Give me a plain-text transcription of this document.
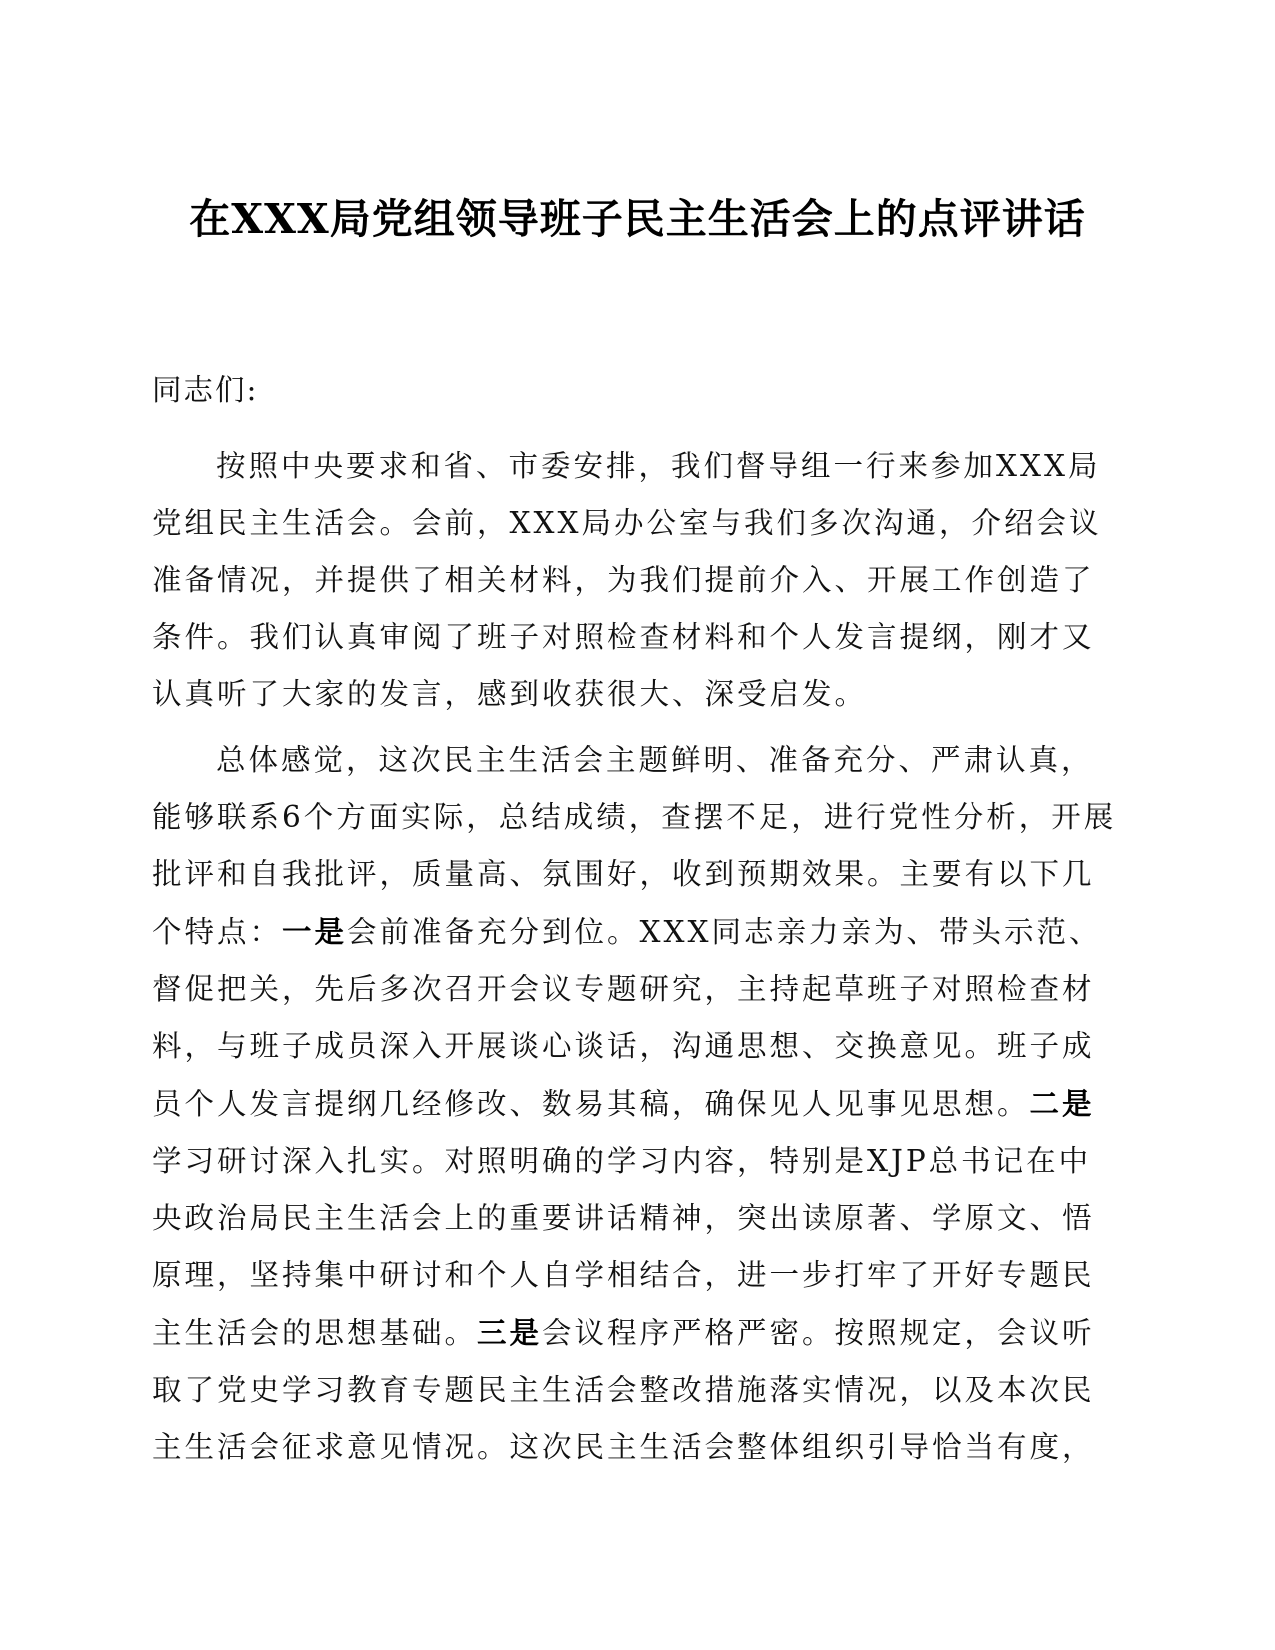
在XXX局党组领导班子民主生活会上的点评讲话

同志们:

按照中央要求和省、市委安排，我们督导组一行来参加XXX局党组民主生活会。会前，XXX局办公室与我们多次沟通，介绍会议准备情况，并提供了相关材料，为我们提前介入、开展工作创造了条件。我们认真审阅了班子对照检查材料和个人发言提纲，刚才又认真听了大家的发言，感到收获很大、深受启发。

总体感觉，这次民主生活会主题鲜明、准备充分、严肃认真，能够联系6个方面实际，总结成绩，查摆不足，进行党性分析，开展批评和自我批评，质量高、氛围好，收到预期效果。主要有以下几个特点：一是会前准备充分到位。XXX同志亲力亲为、带头示范、督促把关，先后多次召开会议专题研究，主持起草班子对照检查材料，与班子成员深入开展谈心谈话，沟通思想、交换意见。班子成员个人发言提纲几经修改、数易其稿，确保见人见事见思想。二是学习研讨深入扎实。对照明确的学习内容，特别是XJP总书记在中央政治局民主生活会上的重要讲话精神，突出读原著、学原文、悟原理，坚持集中研讨和个人自学相结合，进一步打牢了开好专题民主生活会的思想基础。三是会议程序严格严密。按照规定，会议听取了党史学习教育专题民主生活会整改措施落实情况，以及本次民主生活会征求意见情况。这次民主生活会整体组织引导恰当有度，
